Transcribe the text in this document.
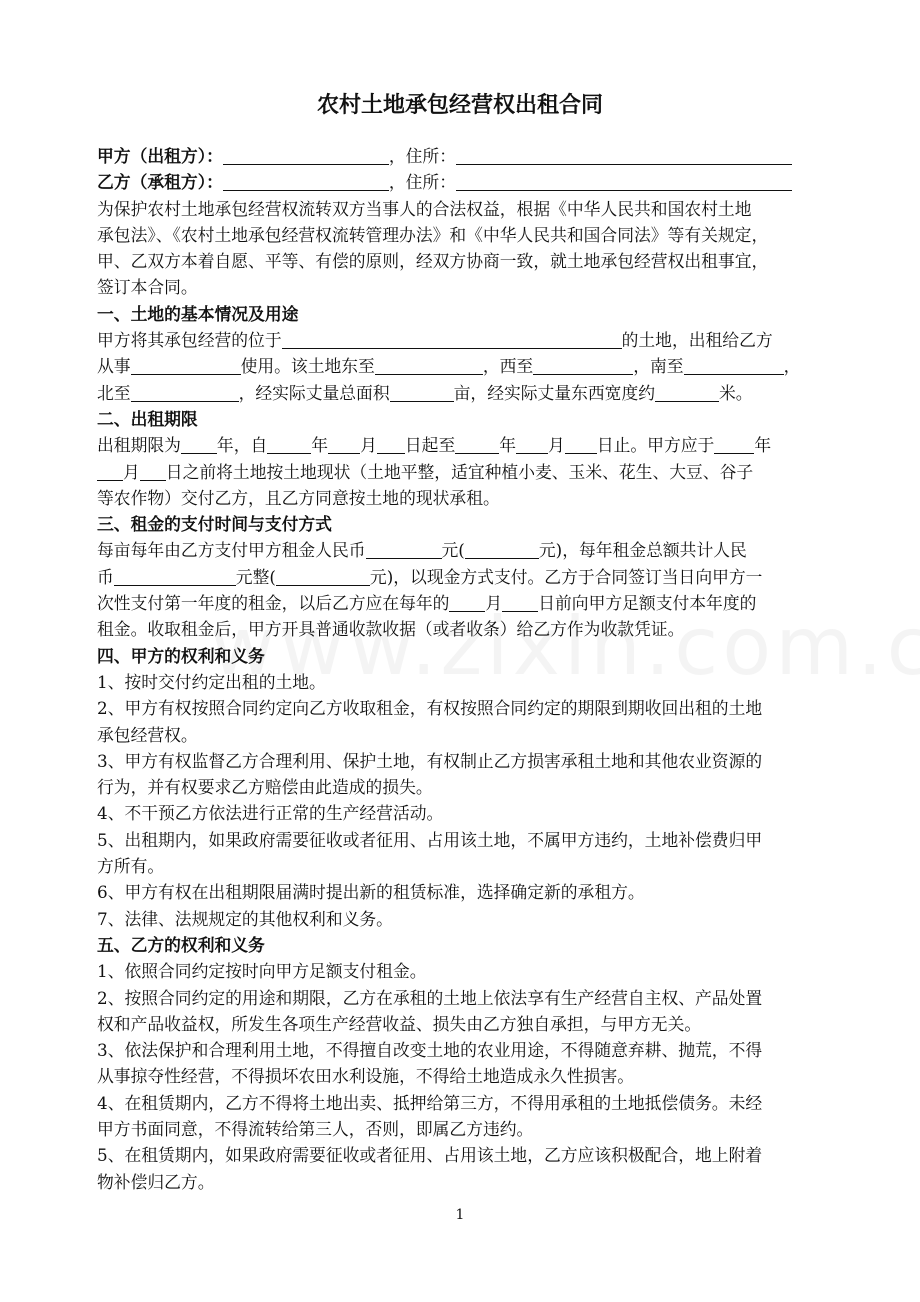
农村土地承包经营权出租合同
甲方（出租方）：	，住所：
乙方（承租方）：	，住所：
为保护农村土地承包经营权流转双方当事人的合法权益，根据《中华人民共和国农村土地
承包法》、《农村土地承包经营权流转管理办法》和《中华人民共和国合同法》等有关规定，
甲、乙双方本着自愿、平等、有偿的原则，经双方协商一致，就土地承包经营权出租事宜，
签订本合同。
一、土地的基本情况及用途
甲方将其承包经营的位于	的土地，出租给乙方
从事	使用。该土地东至	，西至	，南至	，
北至	，经实际丈量总面积	亩，经实际丈量东西宽度约	米。
二、出租期限
出租期限为 年，自	年 月 日起至	年 月 日止。甲方应于 年
月 日之前将土地按土地现状（土地平整，适宜种植小麦、玉米、花生、大豆、谷子
等农作物）交付乙方，且乙方同意按土地的现状承租。
三、租金的支付时间与支付方式
每亩每年由乙方支付甲方租金人民币	元(	元)，每年租金总额共计人民
币	元整(	元)，以现金方式支付。乙方于合同签订当日向甲方一
次性支付第一年度的租金，以后乙方应在每年的 月 日前向甲方足额支付本年度的
租金。收取租金后，甲方开具普通收款收据（或者收条）给乙方作为收款凭证。
四、甲方的权利和义务
1、按时交付约定出租的土地。
2、甲方有权按照合同约定向乙方收取租金，有权按照合同约定的期限到期收回出租的土地
承包经营权。
3、甲方有权监督乙方合理利用、保护土地，有权制止乙方损害承租土地和其他农业资源的
行为，并有权要求乙方赔偿由此造成的损失。
4、不干预乙方依法进行正常的生产经营活动。
5、出租期内，如果政府需要征收或者征用、占用该土地，不属甲方违约，土地补偿费归甲
方所有。
6、甲方有权在出租期限届满时提出新的租赁标准，选择确定新的承租方。
7、法律、法规规定的其他权利和义务。
五、乙方的权利和义务
1、依照合同约定按时向甲方足额支付租金。
2、按照合同约定的用途和期限，乙方在承租的土地上依法享有生产经营自主权、产品处置
权和产品收益权，所发生各项生产经营收益、损失由乙方独自承担，与甲方无关。
3、依法保护和合理利用土地，不得擅自改变土地的农业用途，不得随意弃耕、抛荒，不得
从事掠夺性经营，不得损坏农田水利设施，不得给土地造成永久性损害。
4、在租赁期内，乙方不得将土地出卖、抵押给第三方，不得用承租的土地抵偿债务。未经
甲方书面同意，不得流转给第三人，否则，即属乙方违约。
5、在租赁期内，如果政府需要征收或者征用、占用该土地，乙方应该积极配合，地上附着
物补偿归乙方。
1
